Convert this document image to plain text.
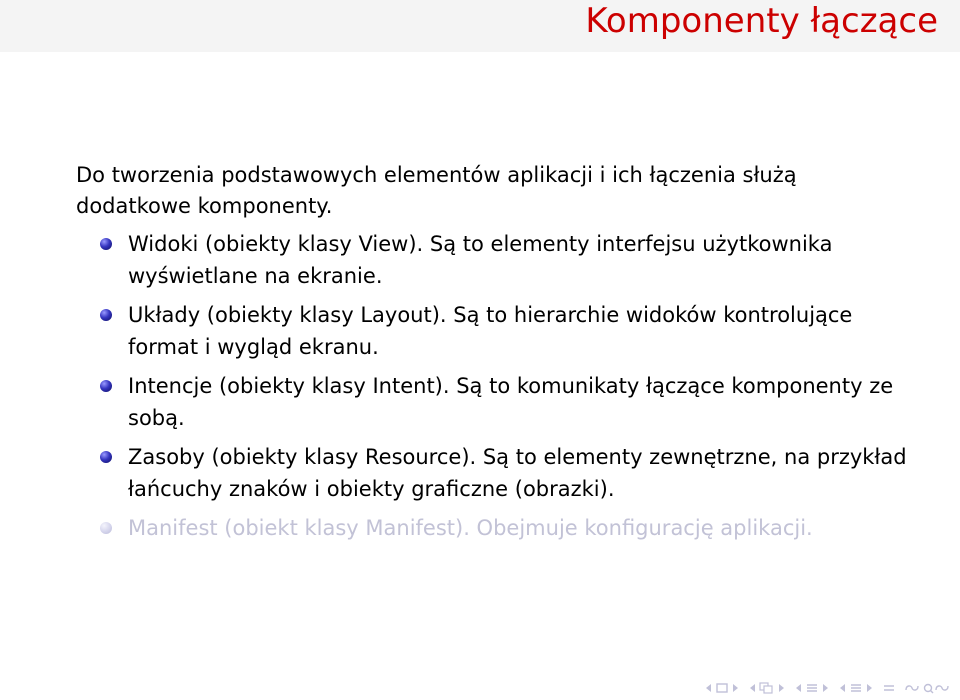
Komponenty łączące

Do tworzenia podstawowych elementów aplikacji i ich łączenia służą dodatkowe komponenty.

Widoki (obiekty klasy View). Są to elementy interfejsu użytkownika wyświetlane na ekranie.
Układy (obiekty klasy Layout). Są to hierarchie widoków kontrolujące format i wygląd ekranu.
Intencje (obiekty klasy Intent). Są to komunikaty łączące komponenty ze sobą.
Zasoby (obiekty klasy Resource). Są to elementy zewnętrzne, na przykład łańcuchy znaków i obiekty graficzne (obrazki).
Manifest (obiekt klasy Manifest). Obejmuje konfigurację aplikacji.
